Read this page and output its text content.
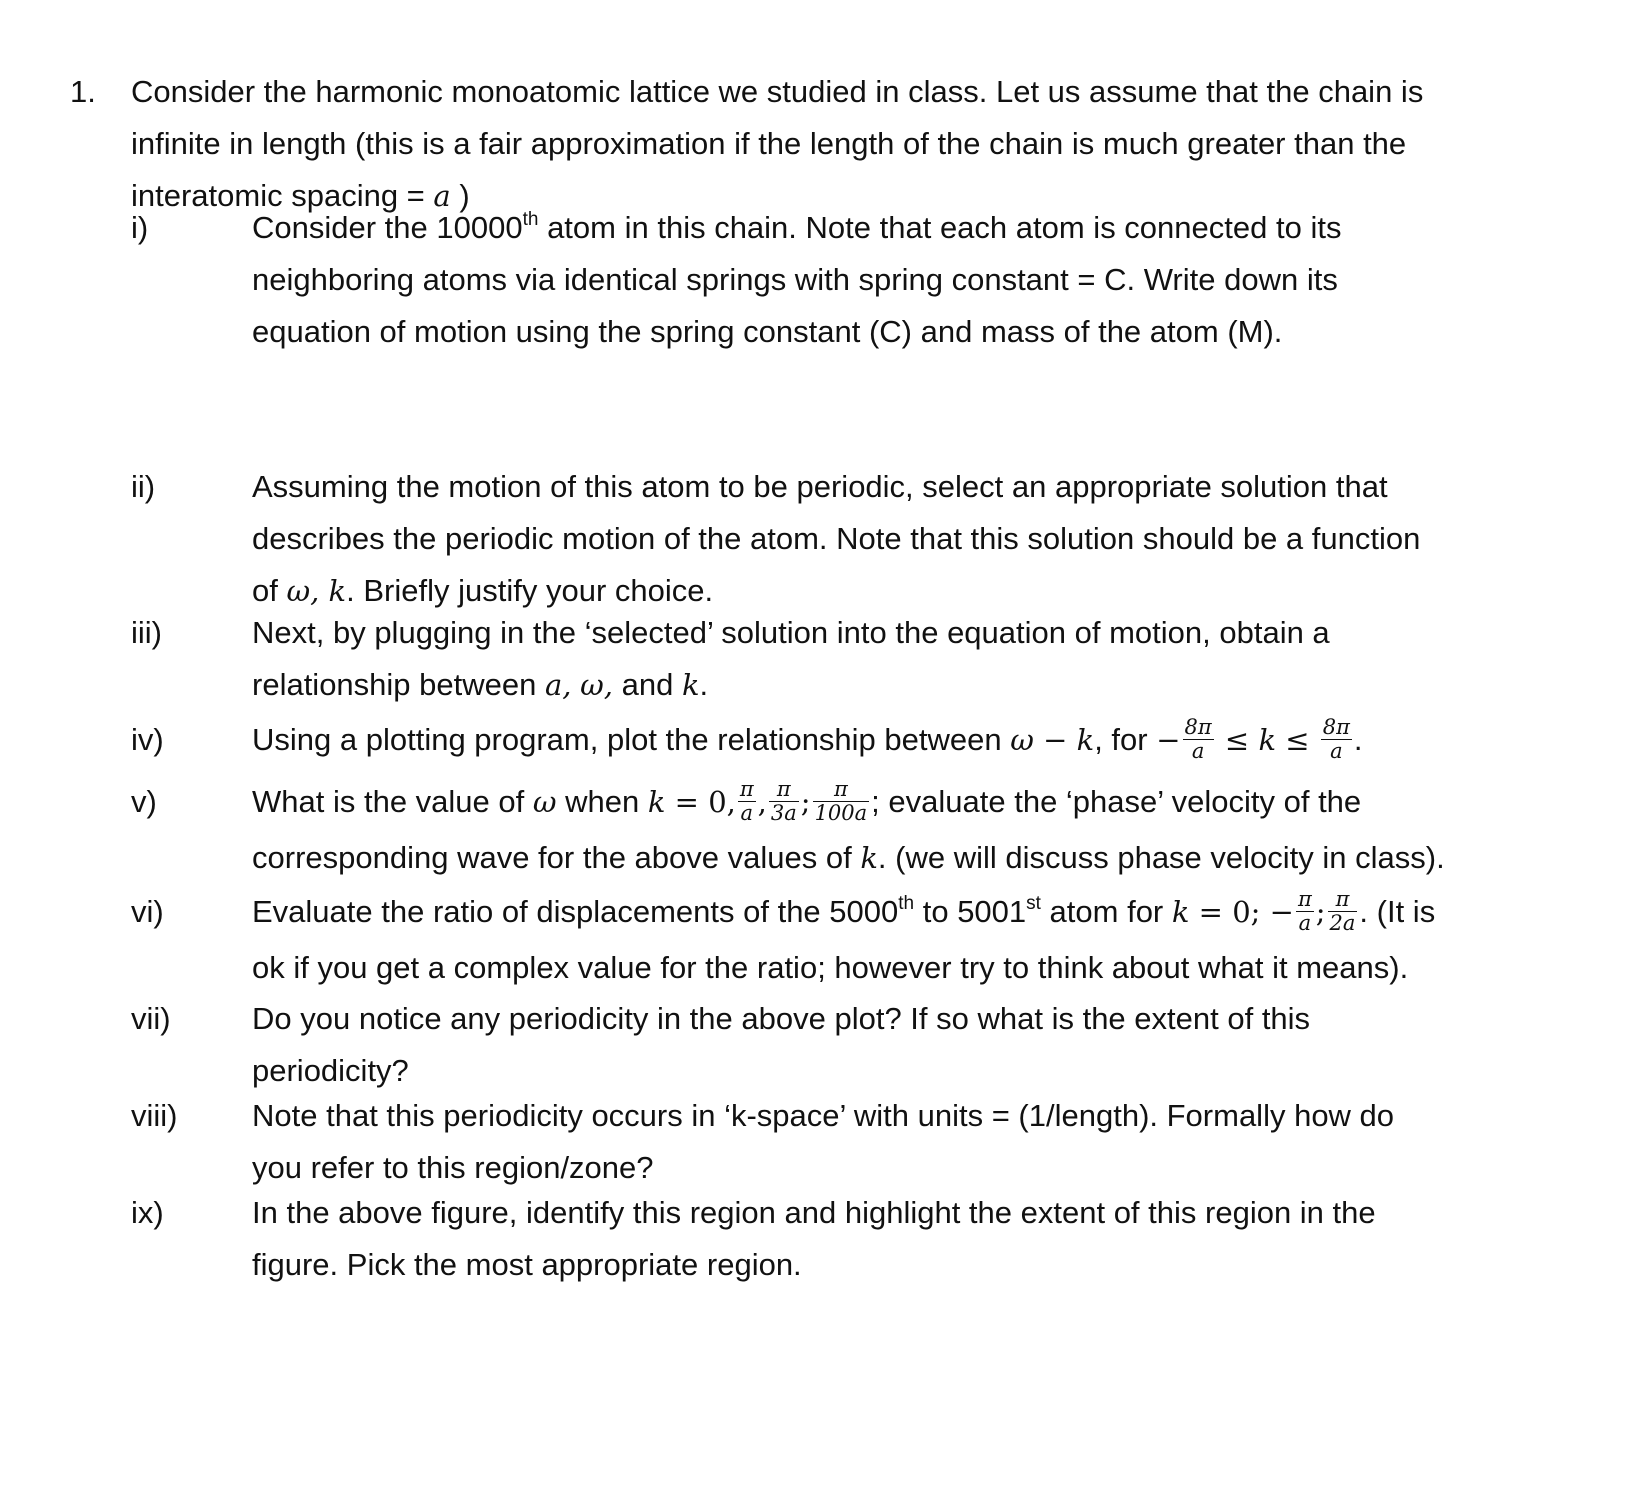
1. Consider the harmonic monoatomic lattice we studied in class. Let us assume that the chain is
infinite in length (this is a fair approximation if the length of the chain is much greater than the
interatomic spacing = a )
i)	Consider the 10000th atom in this chain. Note that each atom is connected to its
neighboring atoms via identical springs with spring constant = C. Write down its
equation of motion using the spring constant (C) and mass of the atom (M).
ii)	Assuming the motion of this atom to be periodic, select an appropriate solution that
describes the periodic motion of the atom. Note that this solution should be a function
of ω, k. Briefly justify your choice.
iii)	Next, by plugging in the ‘selected’ solution into the equation of motion, obtain a
relationship between a, ω, and k.
iv)	Using a plotting program, plot the relationship between ω − k, for − $\frac{8\pi}{a} \le k \le \frac{8\pi}{a}$ .
v)	What is the value of ω when k = 0, $\frac{\pi}{a}$ , $\frac{\pi}{3a}$ ; $\frac{\pi}{100a}$ ; evaluate the ‘phase’ velocity of the
corresponding wave for the above values of k. (we will discuss phase velocity in class).
vi)	Evaluate the ratio of displacements of the 5000th to 5001st atom for k = 0; − $\frac{\pi}{a}$ ; $\frac{\pi}{2a}$ . (It is
ok if you get a complex value for the ratio; however try to think about what it means).
vii)	Do you notice any periodicity in the above plot? If so what is the extent of this
periodicity?
viii)	Note that this periodicity occurs in ‘k-space’ with units = (1/length). Formally how do
you refer to this region/zone?
ix)	In the above figure, identify this region and highlight the extent of this region in the
figure. Pick the most appropriate region.
